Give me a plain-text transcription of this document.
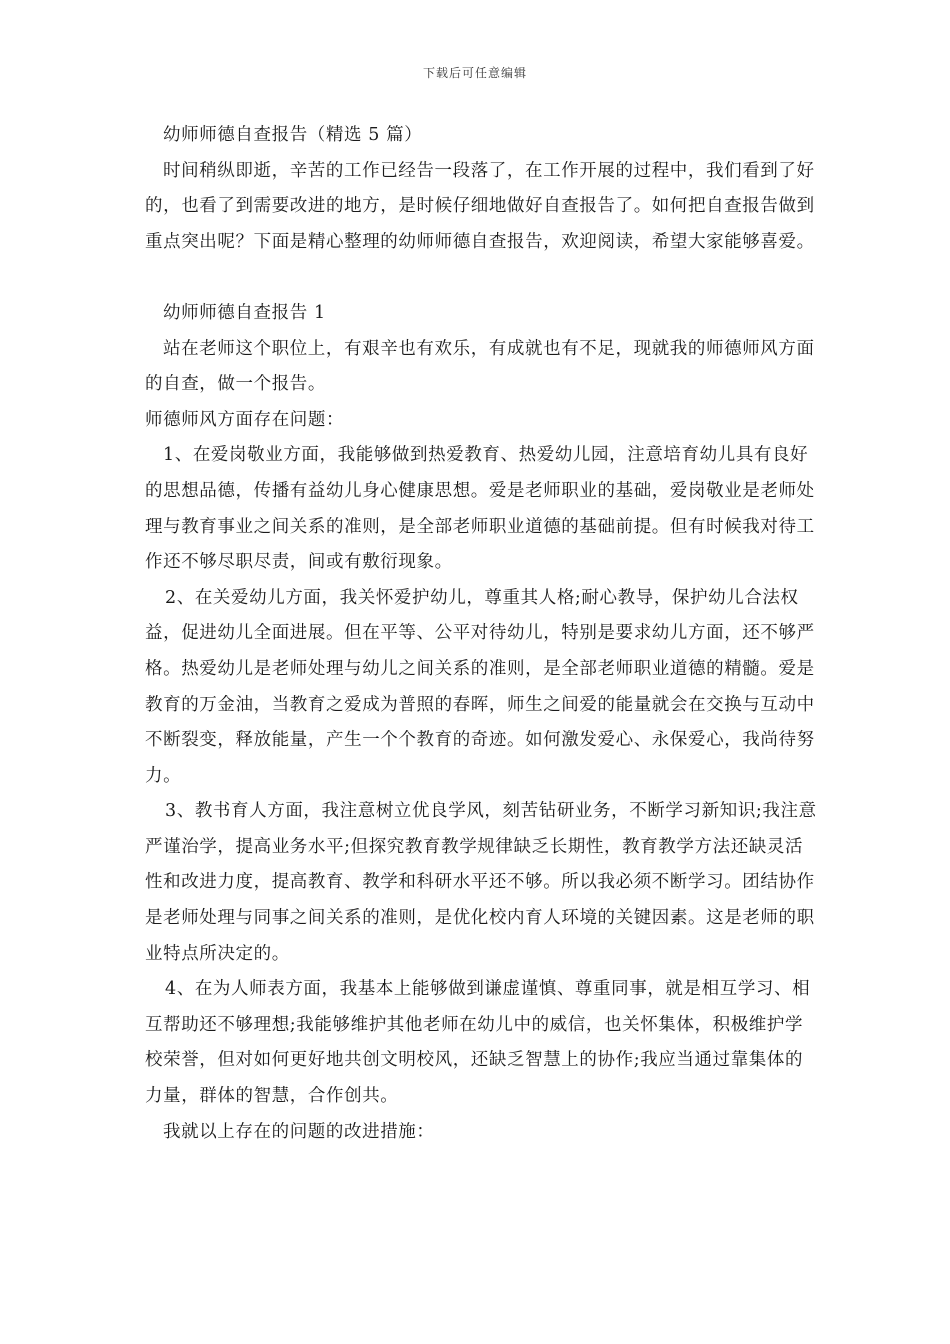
下载后可任意编辑

幼师师德自查报告（精选 5 篇）

时间稍纵即逝，辛苦的工作已经告一段落了，在工作开展的过程中，我们看到了好的，也看了到需要改进的地方，是时候仔细地做好自查报告了。如何把自查报告做到重点突出呢？下面是精心整理的幼师师德自查报告，欢迎阅读，希望大家能够喜爱。

幼师师德自查报告 1

站在老师这个职位上，有艰辛也有欢乐，有成就也有不足，现就我的师德师风方面的自查，做一个报告。

师德师风方面存在问题：

1、在爱岗敬业方面，我能够做到热爱教育、热爱幼儿园，注意培育幼儿具有良好的思想品德，传播有益幼儿身心健康思想。爱是老师职业的基础，爱岗敬业是老师处理与教育事业之间关系的准则，是全部老师职业道德的基础前提。但有时候我对待工作还不够尽职尽责，间或有敷衍现象。

2、在关爱幼儿方面，我关怀爱护幼儿，尊重其人格;耐心教导，保护幼儿合法权益，促进幼儿全面进展。但在平等、公平对待幼儿，特别是要求幼儿方面，还不够严格。热爱幼儿是老师处理与幼儿之间关系的准则，是全部老师职业道德的精髓。爱是教育的万金油，当教育之爱成为普照的春晖，师生之间爱的能量就会在交换与互动中不断裂变，释放能量，产生一个个教育的奇迹。如何激发爱心、永保爱心，我尚待努力。

3、教书育人方面，我注意树立优良学风，刻苦钻研业务，不断学习新知识;我注意严谨治学，提高业务水平;但探究教育教学规律缺乏长期性，教育教学方法还缺灵活性和改进力度，提高教育、教学和科研水平还不够。所以我必须不断学习。团结协作是老师处理与同事之间关系的准则，是优化校内育人环境的关键因素。这是老师的职业特点所决定的。

4、在为人师表方面，我基本上能够做到谦虚谨慎、尊重同事，就是相互学习、相互帮助还不够理想;我能够维护其他老师在幼儿中的威信，也关怀集体，积极维护学校荣誉，但对如何更好地共创文明校风，还缺乏智慧上的协作;我应当通过靠集体的力量，群体的智慧，合作创共。

我就以上存在的问题的改进措施：
